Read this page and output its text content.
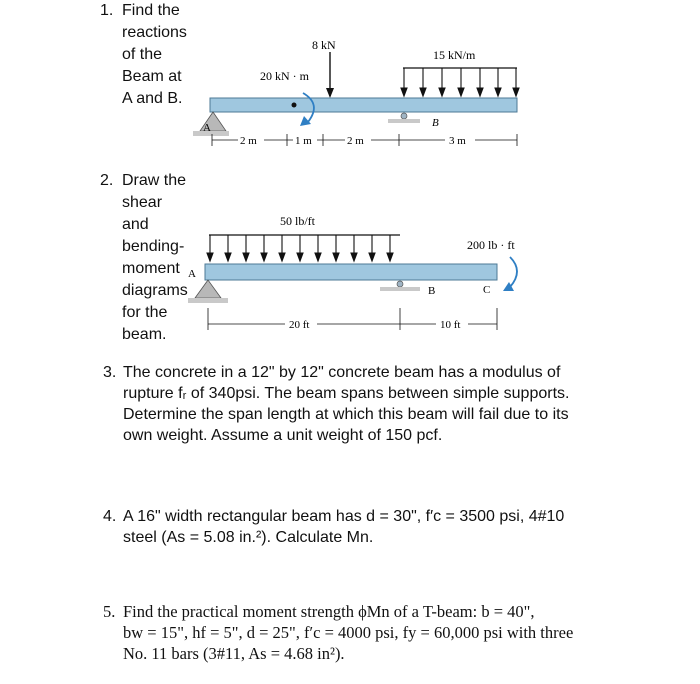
1. Find the reactions of the Beam at A and B.
8 kN
20 kN · m
15 kN/m
A	B
2 m	1 m	2 m	3 m
2. Draw the shear and bending-moment diagrams for the beam.
50 lb/ft
200 lb · ft
A
B	C
20 ft	10 ft
3. The concrete in a 12" by 12" concrete beam has a modulus of
rupture fᵣ of 340psi. The beam spans between simple supports.
Determine the span length at which this beam will fail due to its
own weight. Assume a unit weight of 150 pcf.
4. A 16" width rectangular beam has d = 30", f′c = 3500 psi, 4#10
steel (As = 5.08 in.²). Calculate Mn.
5. Find the practical moment strength ϕMn of a T-beam: b = 40",
bw = 15", hf = 5", d = 25", f′c = 4000 psi, fy = 60,000 psi with three
No. 11 bars (3#11, As = 4.68 in²).
